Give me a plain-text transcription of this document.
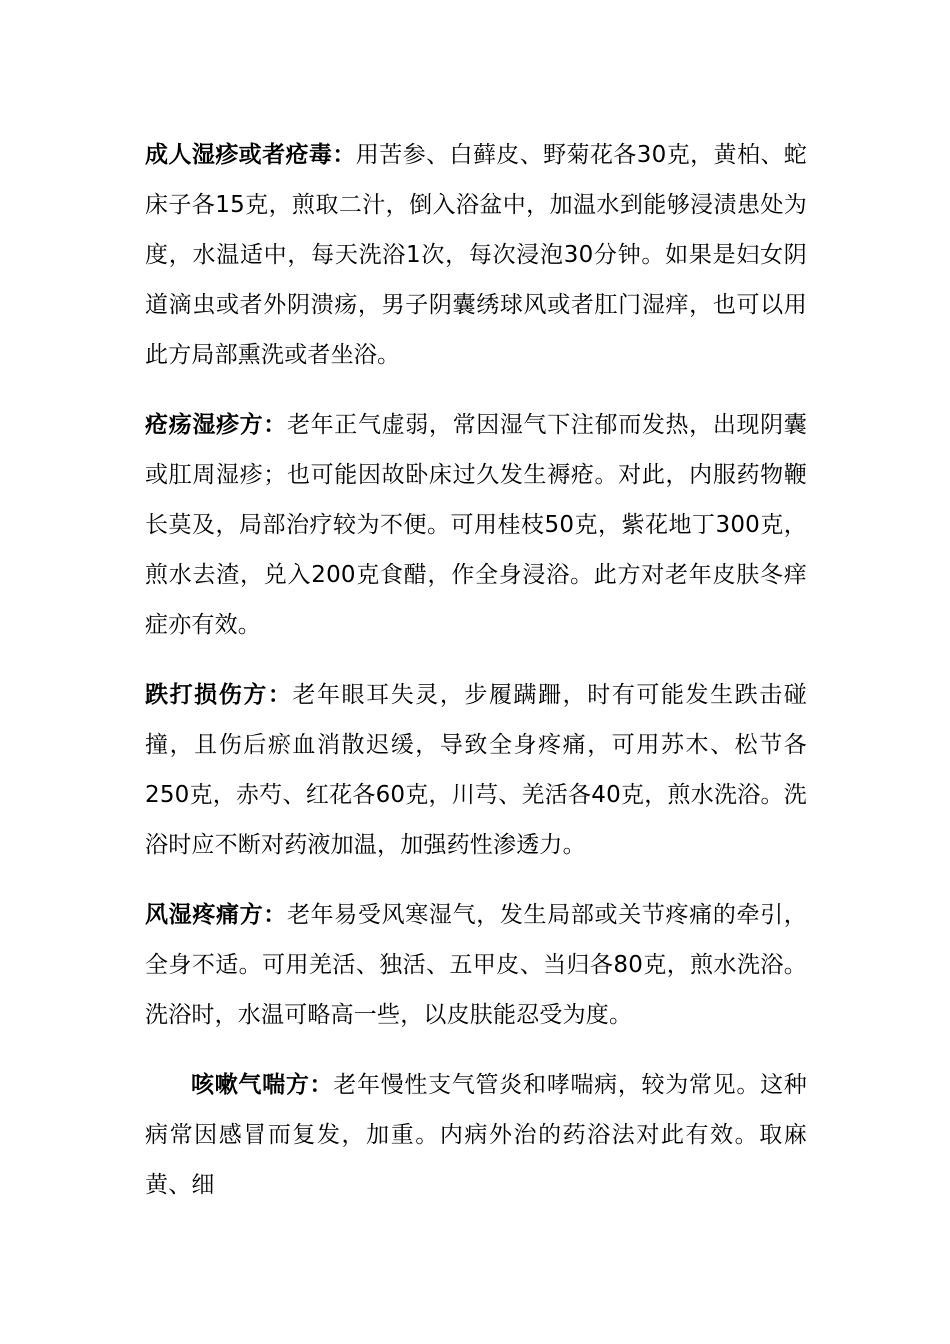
成人湿疹或者疮毒：用苦参、白藓皮、野菊花各30克，黄柏、蛇床子各15克，煎取二汁，倒入浴盆中，加温水到能够浸渍患处为度，水温适中，每天洗浴1次，每次浸泡30分钟。如果是妇女阴道滴虫或者外阴溃疡，男子阴囊绣球风或者肛门湿痒，也可以用此方局部熏洗或者坐浴。

疮疡湿疹方：老年正气虚弱，常因湿气下注郁而发热，出现阴囊或肛周湿疹；也可能因故卧床过久发生褥疮。对此，内服药物鞭长莫及，局部治疗较为不便。可用桂枝50克，紫花地丁300克，煎水去渣，兑入200克食醋，作全身浸浴。此方对老年皮肤冬痒症亦有效。

跌打损伤方：老年眼耳失灵，步履蹒跚，时有可能发生跌击碰撞，且伤后瘀血消散迟缓，导致全身疼痛，可用苏木、松节各250克，赤芍、红花各60克，川芎、羌活各40克，煎水洗浴。洗浴时应不断对药液加温，加强药性渗透力。

风湿疼痛方：老年易受风寒湿气，发生局部或关节疼痛的牵引，全身不适。可用羌活、独活、五甲皮、当归各80克，煎水洗浴。洗浴时，水温可略高一些，以皮肤能忍受为度。

咳嗽气喘方：老年慢性支气管炎和哮喘病，较为常见。这种病常因感冒而复发，加重。内病外治的药浴法对此有效。取麻黄、细
